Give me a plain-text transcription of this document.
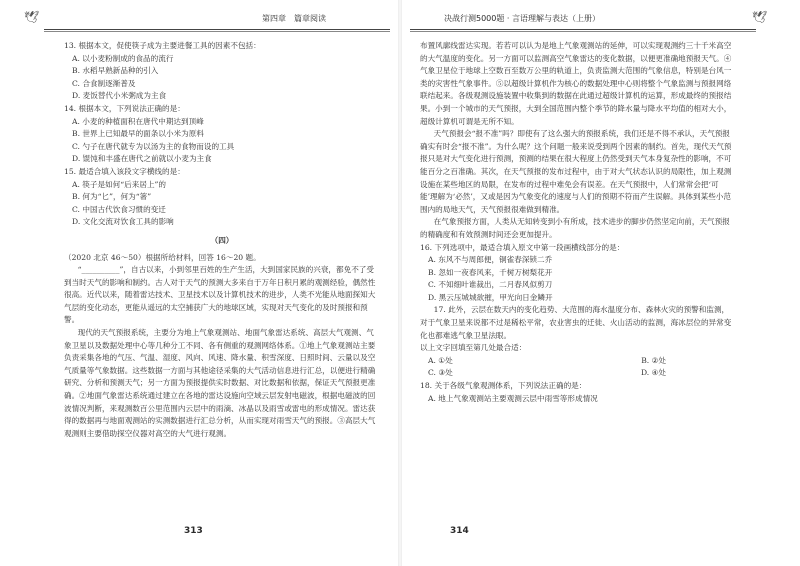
🕊	第四章　篇章阅读

13. 根据本文，促使筷子成为主要进餐工具的因素不包括：

A. 以小麦粉制成的食品的流行

B. 水稻早熟新品种的引入

C. 合食制逐渐普及

D. 麦饭替代小米粥成为主食

14. 根据本文，下列说法正确的是：

A. 小麦的种植面积在唐代中期达到顶峰

B. 世界上已知最早的面条以小米为原料

C. 勺子在唐代就专为以汤为主的食物而设的工具

D. 馄饨和丰盛在唐代之前就以小麦为主食

15. 最适合填入该段文字横线的是：

A. 筷子是如何“后来居上”的

B. 何为“匕”，何为“箸”

C. 中国古代饮食习惯的变迁

D. 文化交流对饮食工具的影响

（四）

（2020 北京 46～50）根据所给材料，回答 16～20 题。

“__________”，自古以来，小到邻里百姓的生产生活，大到国家民族的兴衰，都免不了受到当时天气的影响和制约。古人对于天气的预测大多来自于万年日积月累的观测经验，偶然性很高。近代以来，随着雷达技术、卫星技术以及计算机技术的进步，人类不光能从地面探知大气层的变化动态，更能从遥远的太空捕获广大的地球区域，实现对天气变化的及时预报和预警。

现代的天气预报系统，主要分为地上气象观测站、地面气象雷达系统、高层大气观测、气象卫星以及数据处理中心等几种分工不同、各有侧重的观测网络体系。①地上气象观测站主要负责采集各地的气压、气温、湿度、风向、风速、降水量、积雪深度、日照时间、云量以及空气质量等气象数据。这些数据一方面与其他途径采集的大气活动信息进行汇总，以便进行精确研究、分析和预测天气；另一方面为预报提供实时数据、对比数据和依据，保证天气预报更准确。②地面气象雷达系统通过建立在各地的雷达设施向空域云层发射电磁波，根据电磁波的回波情况判断，来观测数百公里范围内云层中的雨滴、冰晶以及雨雪或雷电的形成情况。雷达获得的数据再与地面观测站的实测数据进行汇总分析，从而实现对雨雪天气的预报。③高层大气观测则主要借助探空仪器对高空的大气进行观测。

313
决战行测5000题 · 言语理解与表达（上册）	🕊

布置风廓线雷达实现。若若可以认为是地上气象观测站的延伸，可以实现观测约三十千米高空的大气温度的变化。另一方面可以监测高空气象雷达的变化数据，以便更准确地预报天气。④气象卫星位于地球上空数百至数万公里的轨道上，负责监测大范围的气象信息，特别是台风一类的灾害性气象事件。⑤以超级计算机作为核心的数据处理中心则将整个气象监测与预报网络联结起来。各级观测设施装置中收集到的数据在此通过超级计算机的运算，形成最终的预报结果。小到一个城市的天气预报，大到全国范围内整个季节的降水量与降水平均值的相对大小，超级计算机可谓是无所不知。

天气预报会“报不准”吗？即使有了这么强大的预报系统，我们还是不得不承认，天气预报确实有时会“报不准”。为什么呢？这个问题一般来说受到两个因素的制约。首先，现代天气预报只是对大气变化进行预测，预测的结果在很大程度上仍然受到天气本身复杂性的影响，不可能百分之百准确。其次，在天气预报的发布过程中，由于对大气状态认识的局限性，加上观测设施在某些地区的局限，在发布的过程中难免会有误差。在天气预报中，人们常常会把‘可能’理解为‘必然’，又或是因为气象变化的速度与人们的预期不符而产生误解。具体到某些小范围内的局地天气，天气预报很难做到精准。

在气象预报方面，人类从无知转变到小有所成，技术进步的脚步仍然坚定向前，天气预报的精确度和有效预测时间还会更加提升。

16. 下列选项中，最适合填入原文中第一段画横线部分的是：

A. 东风不与周郎便，铜雀春深锁二乔

B. 忽如一夜春风来，千树万树梨花开

C. 不知细叶谁裁出，二月春风似剪刀

D. 黑云压城城欲摧，甲光向日金鳞开

17. 此外，云层在数天内的变化趋势、大范围的海水温度分布、森林火灾的预警和监测，对于气象卫星来说都不过是稀松平常，农业害虫的迁徙、火山活动的监测，海冰层位的异常变化也都难逃气象卫星法眼。

以上文字回填至第几处最合适：

A. ①处	B. ②处
C. ③处	D. ④处

18. 关于各级气象观测体系，下列说法正确的是：

A. 地上气象观测站主要观测云层中雨雪等形成情况

314
